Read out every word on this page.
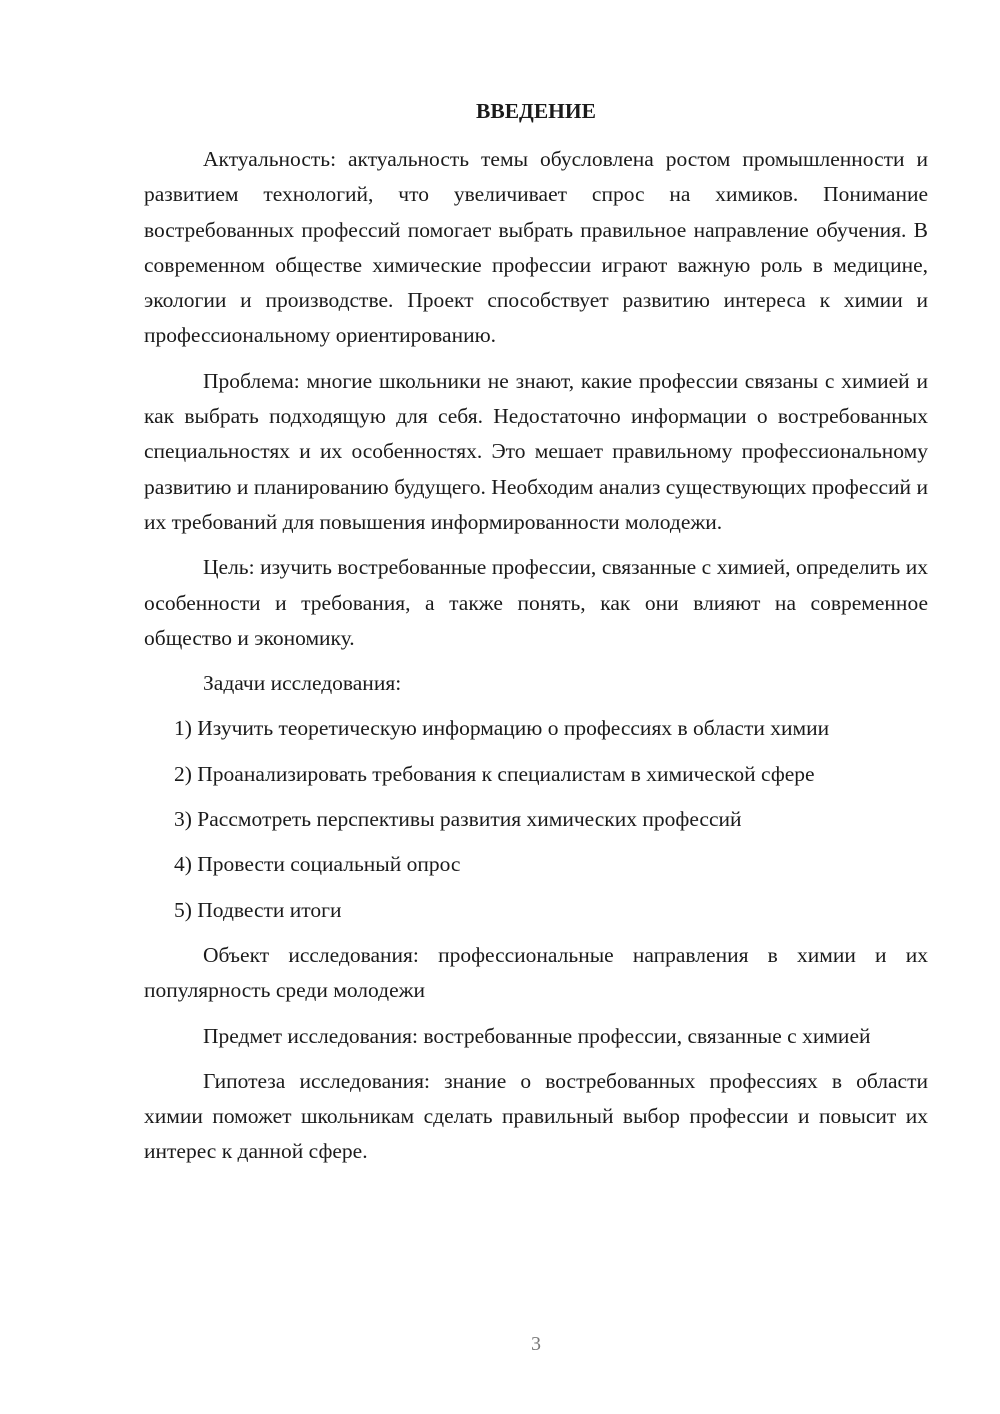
ВВЕДЕНИЕ

Актуальность: актуальность темы обусловлена ростом промышленности и развитием технологий, что увеличивает спрос на химиков. Понимание востребованных профессий помогает выбрать правильное направление обучения. В современном обществе химические профессии играют важную роль в медицине, экологии и производстве. Проект способствует развитию интереса к химии и профессиональному ориентированию.

Проблема: многие школьники не знают, какие профессии связаны с химией и как выбрать подходящую для себя. Недостаточно информации о востребованных специальностях и их особенностях. Это мешает правильному профессиональному развитию и планированию будущего. Необходим анализ существующих профессий и их требований для повышения информированности молодежи.

Цель: изучить востребованные профессии, связанные с химией, определить их особенности и требования, а также понять, как они влияют на современное общество и экономику.

Задачи исследования:

1) Изучить теоретическую информацию о профессиях в области химии
2) Проанализировать требования к специалистам в химической сфере
3) Рассмотреть перспективы развития химических профессий
4) Провести социальный опрос
5) Подвести итоги

Объект исследования: профессиональные направления в химии и их популярность среди молодежи

Предмет исследования: востребованные профессии, связанные с химией

Гипотеза исследования: знание о востребованных профессиях в области химии поможет школьникам сделать правильный выбор профессии и повысит их интерес к данной сфере.

3
